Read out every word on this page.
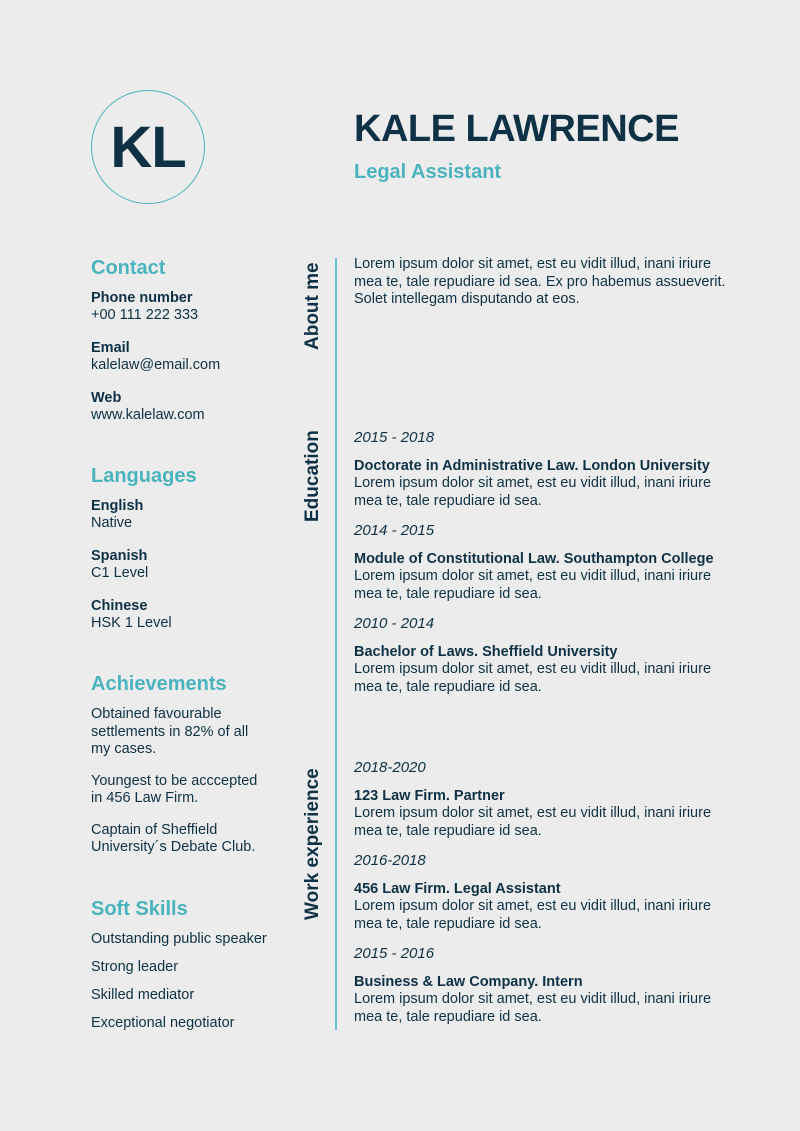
KL	KALE LAWRENCE
Legal Assistant
Contact
Phone number
+00 111 222 333
Email
kalelaw@email.com
Web
www.kalelaw.com
Languages
English
Native
Spanish
C1 Level
Chinese
HSK 1 Level
Achievements
Obtained favourable settlements in 82% of all my cases.
Youngest to be acccepted in 456 Law Firm.
Captain of Sheffield University´s Debate Club.
Soft Skills
Outstanding public speaker
Strong leader
Skilled mediator
Exceptional negotiator
About me
Education
Work experience
Lorem ipsum dolor sit amet, est eu vidit illud, inani iriure mea te, tale repudiare id sea. Ex pro habemus assueverit. Solet intellegam disputando at eos.
2015 - 2018
Doctorate in Administrative Law. London University
Lorem ipsum dolor sit amet, est eu vidit illud, inani iriure mea te, tale repudiare id sea.
2014 - 2015
Module of Constitutional Law. Southampton College
Lorem ipsum dolor sit amet, est eu vidit illud, inani iriure mea te, tale repudiare id sea.
2010 - 2014
Bachelor of Laws. Sheffield University
Lorem ipsum dolor sit amet, est eu vidit illud, inani iriure mea te, tale repudiare id sea.
2018-2020
123 Law Firm. Partner
Lorem ipsum dolor sit amet, est eu vidit illud, inani iriure mea te, tale repudiare id sea.
2016-2018
456 Law Firm. Legal Assistant
Lorem ipsum dolor sit amet, est eu vidit illud, inani iriure mea te, tale repudiare id sea.
2015 - 2016
Business & Law Company. Intern
Lorem ipsum dolor sit amet, est eu vidit illud, inani iriure mea te, tale repudiare id sea.
